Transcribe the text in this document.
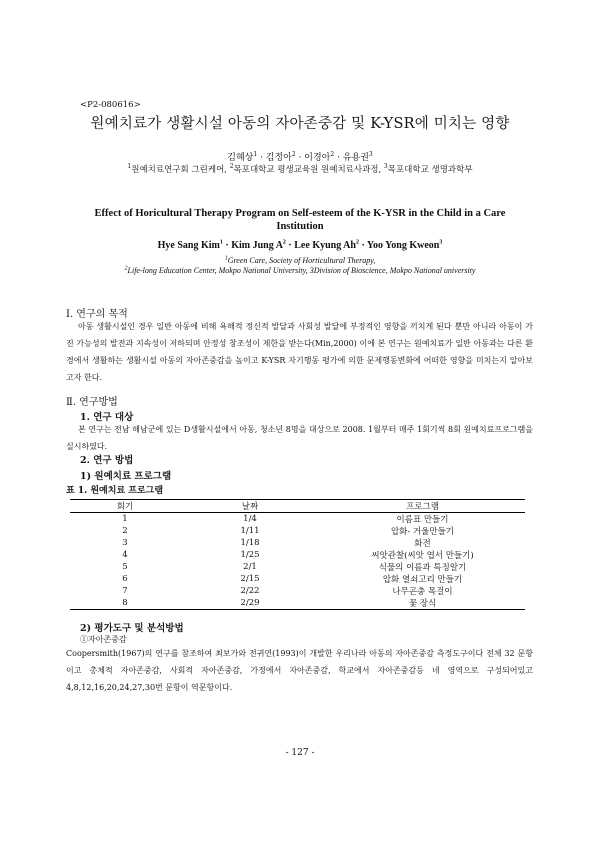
<P2-080616>
원예치료가 생활시설 아동의 자아존중감 및 K-YSR에 미치는 영향
김혜상$^1$ · 김정아$^2$ · 이경아$^2$ · 유용권$^3$
$^1$원예치료연구회 그린케어, $^2$목포대학교 평생교육원 원예치료사과정, $^3$목포대학교 생명과학부
Effect of Horicultural Therapy Program on Self-esteem of the K-YSR in the Child in a Care Institution
Hye Sang Kim$^1$ · Kim Jung $A^2$ · Lee Kyung $Ah^2$ · Yoo Yong Kweon$^3$
$^1$Green Care, Society of Horticultural Therapy,
$^2$Life-long Education Center, Mokpo National University, 3Division of Bioscience, Mokpo National university
Ⅰ. 연구의 목적

아동 생활시설인 경우 일반 아동에 비해 욕해적 정신적 발달과 사회성 발달에 부정적인 영향을 끼치게 된다 뿐만 아니라 아동이 가진 가능성의 발전과 지속성이 저하되며 안정성 창조성이 제한을 받는다(Min,2000) 이에 본 연구는 원예치료가 일반 아동과는 다른 환경에서 생활하는 생활시설 아동의 자아존중감을 높이고 K-YSR 자기행동 평가에 의한 문제행동변화에 어떠한 영향을 미치는지 알아보고자 한다.

Ⅱ. 연구방법
1. 연구 대상

본 연구는 전남 해남군에 있는 D생활시설에서 아동, 청소년 8명을 대상으로 2008. 1월부터 매주 1회기씩 8회 원예치료프로그램을 실시하였다.

2. 연구 방법
1) 원예치료 프로그램
표 1. 원예치료 프로그램
회기	날짜	프로그램
1	1/4	이름표 만들기
2	1/11	압화- 거울만들기
3	1/18	화전
4	1/25	씨앗관찰(씨앗 엽서 만들기)
5	2/1	식물의 이름과 특징알기
6	2/15	압화 열쇠고리 만들기
7	2/22	나무곤충 목걸이
8	2/29	꽃 장식
2) 평가도구 및 분석방법
①자아존중감

Coopersmith(1967)의 연구를 참조하여 최보가와 전귀연(1993)이 개발한 우리나라 아동의 자아존중감 측정도구이다 전체 32 문항이고 총체적 자아존중감, 사회적 자아존중감, 가정에서 자아존중감, 학교에서 자아존중감등 네 영역으로 구성되어있고 4,8,12,16,20,24,27,30번 문항이 역문항이다.

- 127 -
